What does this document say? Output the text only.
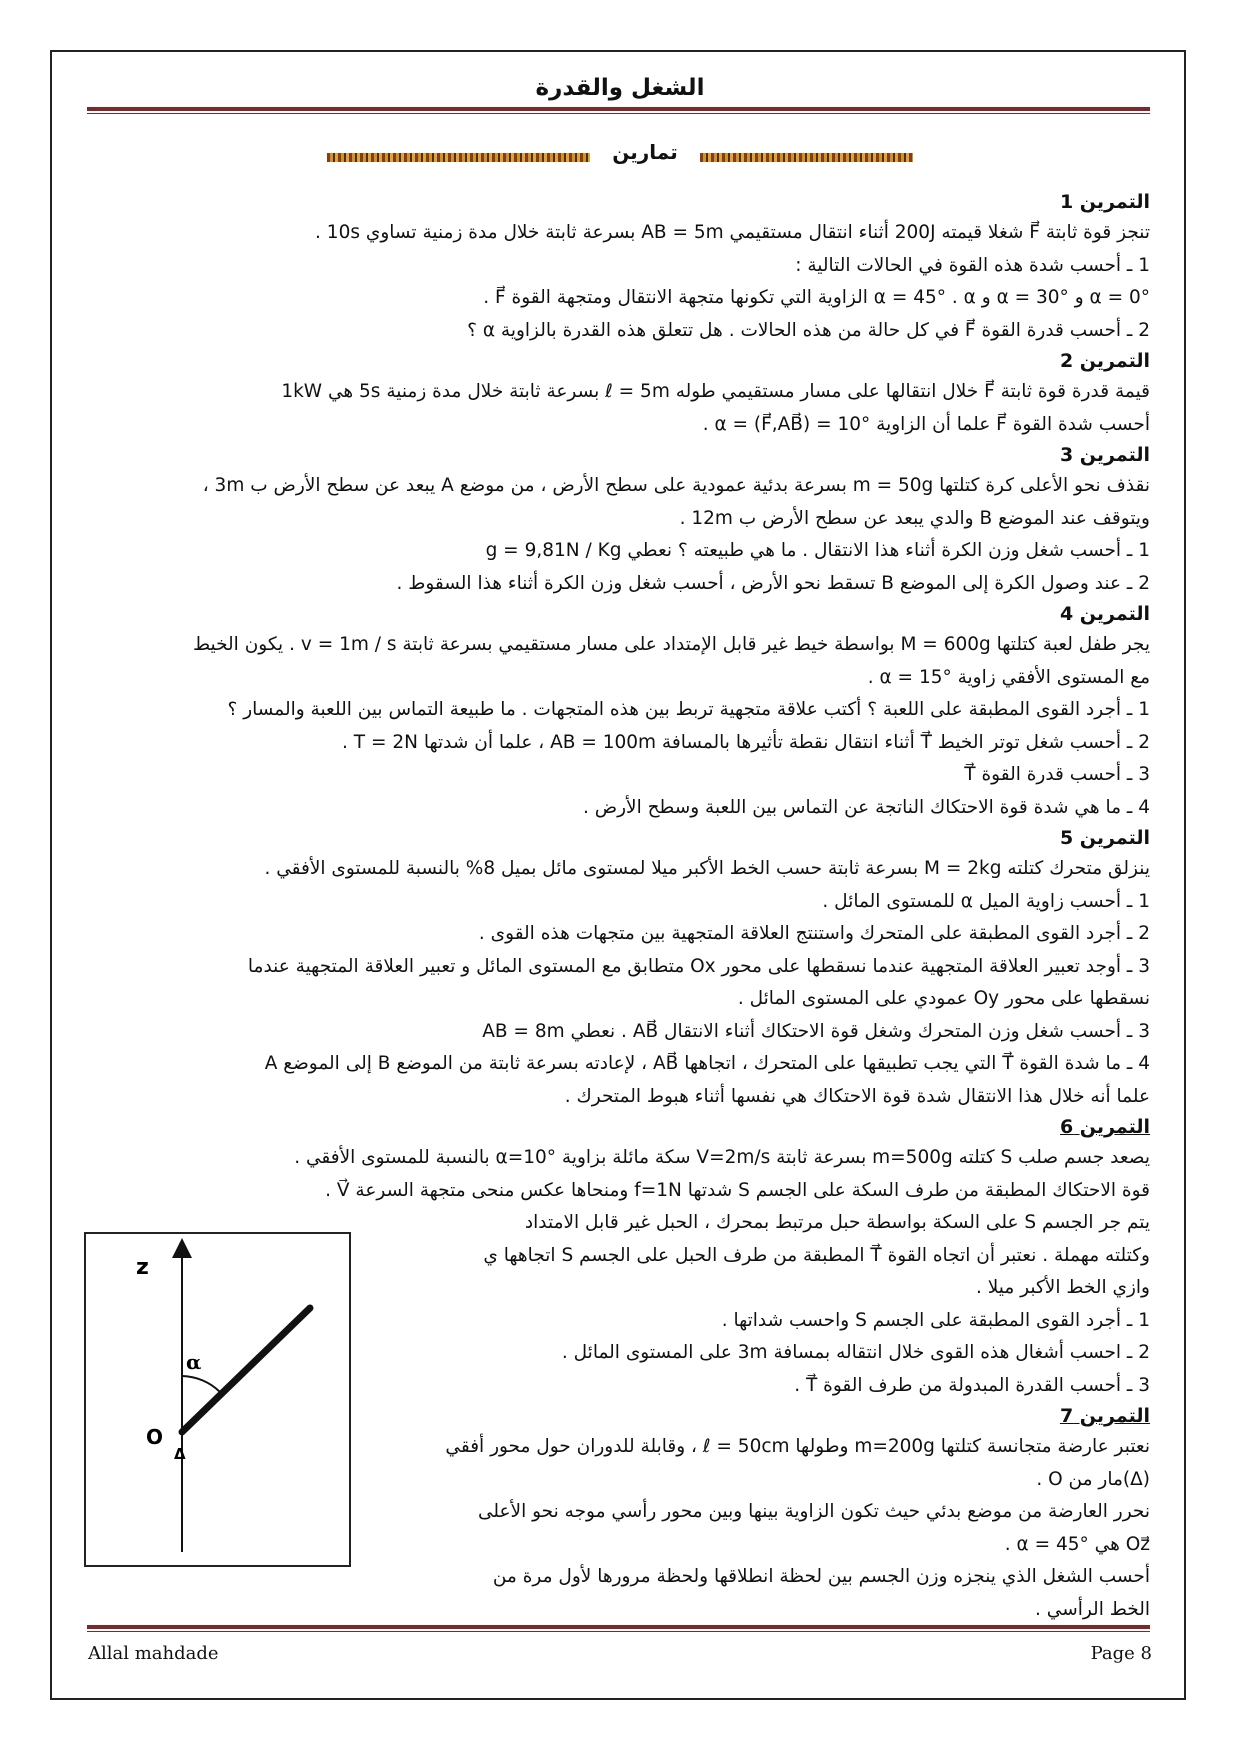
الشغل والقدرة
تمارين
التمرين 1

تنجز قوة ثابتة F⃗ شغلا قيمته 200J أثناء انتقال مستقيمي AB = 5m بسرعة ثابتة خلال مدة زمنية تساوي 10s .

1 ـ أحسب شدة هذه القوة في الحالات التالية :

α = 0° و α = 30° و α = 45° . α الزاوية التي تكونها متجهة الانتقال ومتجهة القوة F⃗ .

2 ـ أحسب قدرة القوة F⃗ في كل حالة من هذه الحالات . هل تتعلق هذه القدرة بالزاوية α ؟

التمرين 2

قيمة قدرة قوة ثابتة F⃗ خلال انتقالها على مسار مستقيمي طوله ℓ = 5m بسرعة ثابتة خلال مدة زمنية 5s هي 1kW

أحسب شدة القوة F⃗ علما أن الزاوية α = (F⃗,AB⃗) = 10° .

التمرين 3

نقذف نحو الأعلى كرة كتلتها m = 50g بسرعة بدئية عمودية على سطح الأرض ، من موضع A يبعد عن سطح الأرض ب 3m ،

ويتوقف عند الموضع B والدي يبعد عن سطح الأرض ب 12m .

1 ـ أحسب شغل وزن الكرة أثناء هذا الانتقال . ما هي طبيعته ؟ نعطي g = 9,81N / Kg

2 ـ عند وصول الكرة إلى الموضع B تسقط نحو الأرض ، أحسب شغل وزن الكرة أثناء هذا السقوط .

التمرين 4

يجر طفل لعبة كتلتها M = 600g بواسطة خيط غير قابل الإمتداد على مسار مستقيمي بسرعة ثابتة v = 1m / s . يكون الخيط

مع المستوى الأفقي زاوية α = 15° .

1 ـ أجرد القوى المطبقة على اللعبة ؟ أكتب علاقة متجهية تربط بين هذه المتجهات . ما طبيعة التماس بين اللعبة والمسار ؟

2 ـ أحسب شغل توتر الخيط T⃗ أثناء انتقال نقطة تأثيرها بالمسافة AB = 100m ، علما أن شدتها T = 2N .

3 ـ أحسب قدرة القوة T⃗

4 ـ ما هي شدة قوة الاحتكاك الناتجة عن التماس بين اللعبة وسطح الأرض .

التمرين 5

ينزلق متحرك كتلته M = 2kg بسرعة ثابتة حسب الخط الأكبر ميلا لمستوى مائل بميل 8% بالنسبة للمستوى الأفقي .

1 ـ أحسب زاوية الميل α للمستوى المائل .

2 ـ أجرد القوى المطبقة على المتحرك واستنتج العلاقة المتجهية بين متجهات هذه القوى .

3 ـ أوجد تعبير العلاقة المتجهية عندما نسقطها على محور Ox متطابق مع المستوى المائل و تعبير العلاقة المتجهية عندما

نسقطها على محور Oy عمودي على المستوى المائل .

3 ـ أحسب شغل وزن المتحرك وشغل قوة الاحتكاك أثناء الانتقال AB⃗ . نعطي AB = 8m

4 ـ ما شدة القوة T⃗ التي يجب تطبيقها على المتحرك ، اتجاهها AB⃗ ، لإعادته بسرعة ثابتة من الموضع B إلى الموضع A

علما أنه خلال هذا الانتقال شدة قوة الاحتكاك هي نفسها أثناء هبوط المتحرك .

التمرين 6

يصعد جسم صلب S كتلته m=500g بسرعة ثابتة V=2m/s سكة مائلة بزاوية α=10° بالنسبة للمستوى الأفقي .

قوة الاحتكاك المطبقة من طرف السكة على الجسم S شدتها f=1N ومنحاها عكس منحى متجهة السرعة V⃗ .

يتم جر الجسم S على السكة بواسطة حبل مرتبط بمحرك ، الحبل غير قابل الامتداد

وكتلته مهملة . نعتبر أن اتجاه القوة T⃗ المطبقة من طرف الحبل على الجسم S اتجاهها ي

وازي الخط الأكبر ميلا .

1 ـ أجرد القوى المطبقة على الجسم S واحسب شداتها .

2 ـ احسب أشغال هذه القوى خلال انتقاله بمسافة 3m على المستوى المائل .

3 ـ أحسب القدرة المبدولة من طرف القوة T⃗ .

التمرين 7

نعتبر عارضة متجانسة كتلتها m=200g وطولها ℓ = 50cm ، وقابلة للدوران حول محور أفقي

(Δ)مار من O .

نحرر العارضة من موضع بدئي حيث تكون الزاوية بينها وبين محور رأسي موجه نحو الأعلى

Oz⃗ هي α = 45° .

أحسب الشغل الذي ينجزه وزن الجسم بين لحظة انطلاقها ولحظة مرورها لأول مرة من

الخط الرأسي .

z
O
Δ
α
Allal mahdade	Page 8
